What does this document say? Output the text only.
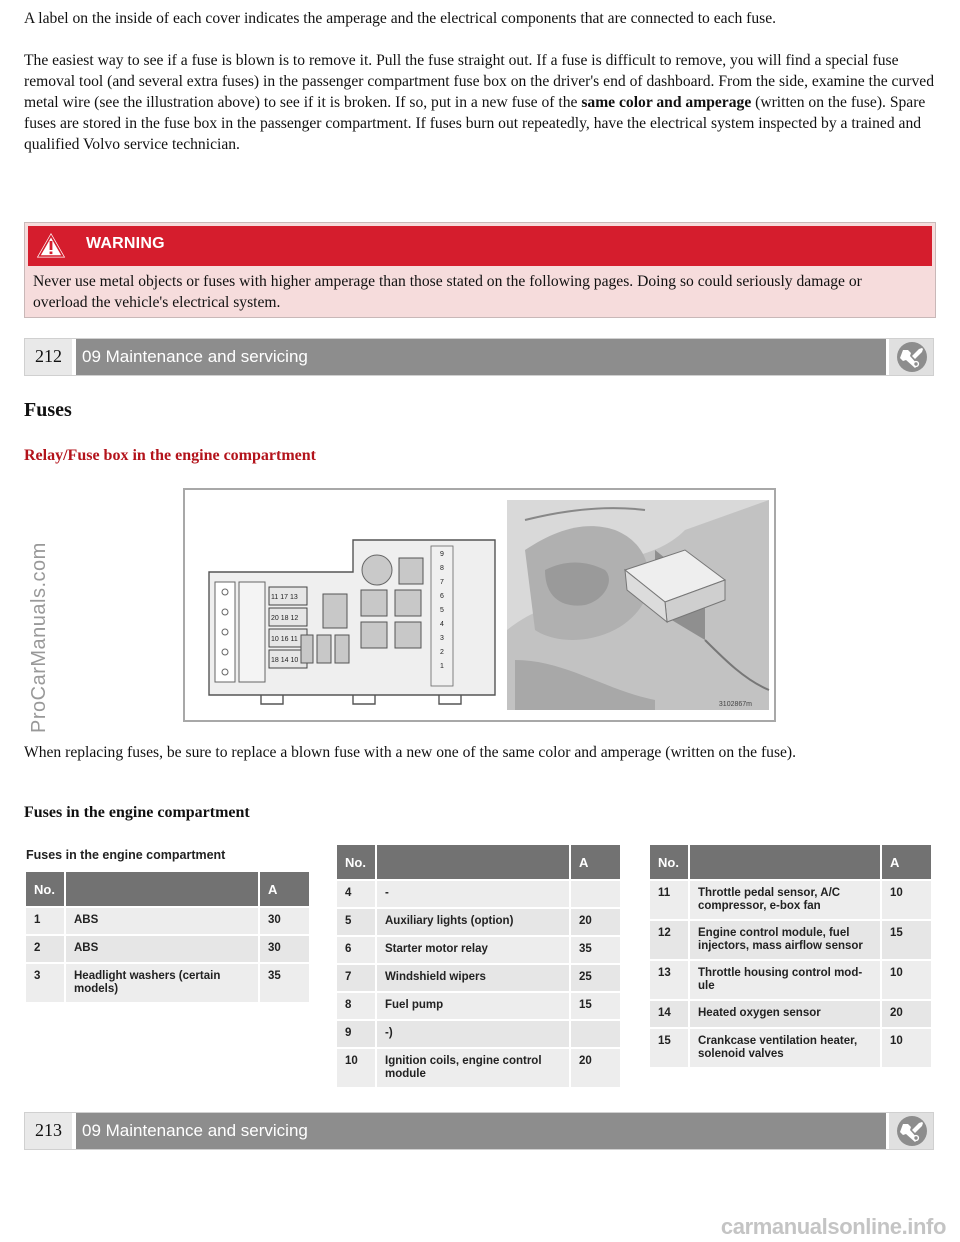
A label on the inside of each cover indicates the amperage and the electrical components that are connected to each fuse.

The easiest way to see if a fuse is blown is to remove it. Pull the fuse straight out. If a fuse is difficult to remove, you will find a special fuse removal tool (and several extra fuses) in the passenger compartment fuse box on the driver's end of dashboard. From the side, examine the curved metal wire (see the illustration above) to see if it is broken. If so, put in a new fuse of the same color and amperage (written on the fuse). Spare fuses are stored in the fuse box in the passenger compartment. If fuses burn out repeatedly, have the electrical system inspected by a trained and qualified Volvo service technician.

WARNING

Never use metal objects or fuses with higher amperage than those stated on the following pages. Doing so could seriously damage or overload the vehicle's electrical system.

212	09 Maintenance and servicing
Fuses
Relay/Fuse box in the engine compartment
11 17 13
20 18 12
10 16 11
18 14 10
9
8
7
6
5
4
3
2
1
3102867m

When replacing fuses, be sure to replace a blown fuse with a new one of the same color and amperage (written on the fuse).

Fuses in the engine compartment
Fuses in the engine compartment
No.		A
1	ABS	30
2	ABS	30
3	Headlight washers (certain models)	35
No.		A
4	-	
5	Auxiliary lights (option)	20
6	Starter motor relay	35
7	Windshield wipers	25
8	Fuel pump	15
9	-)	
10	Ignition coils, engine control module	20
No.		A
11	Throttle pedal sensor, A/C compressor, e-box fan	10
12	Engine control module, fuel injectors, mass airflow sensor	15
13	Throttle housing control mod- ule	10
14	Heated oxygen sensor	20
15	Crankcase ventilation heater, solenoid valves	10
213	09 Maintenance and servicing
ProCarManuals.com
carmanualsonline.info
